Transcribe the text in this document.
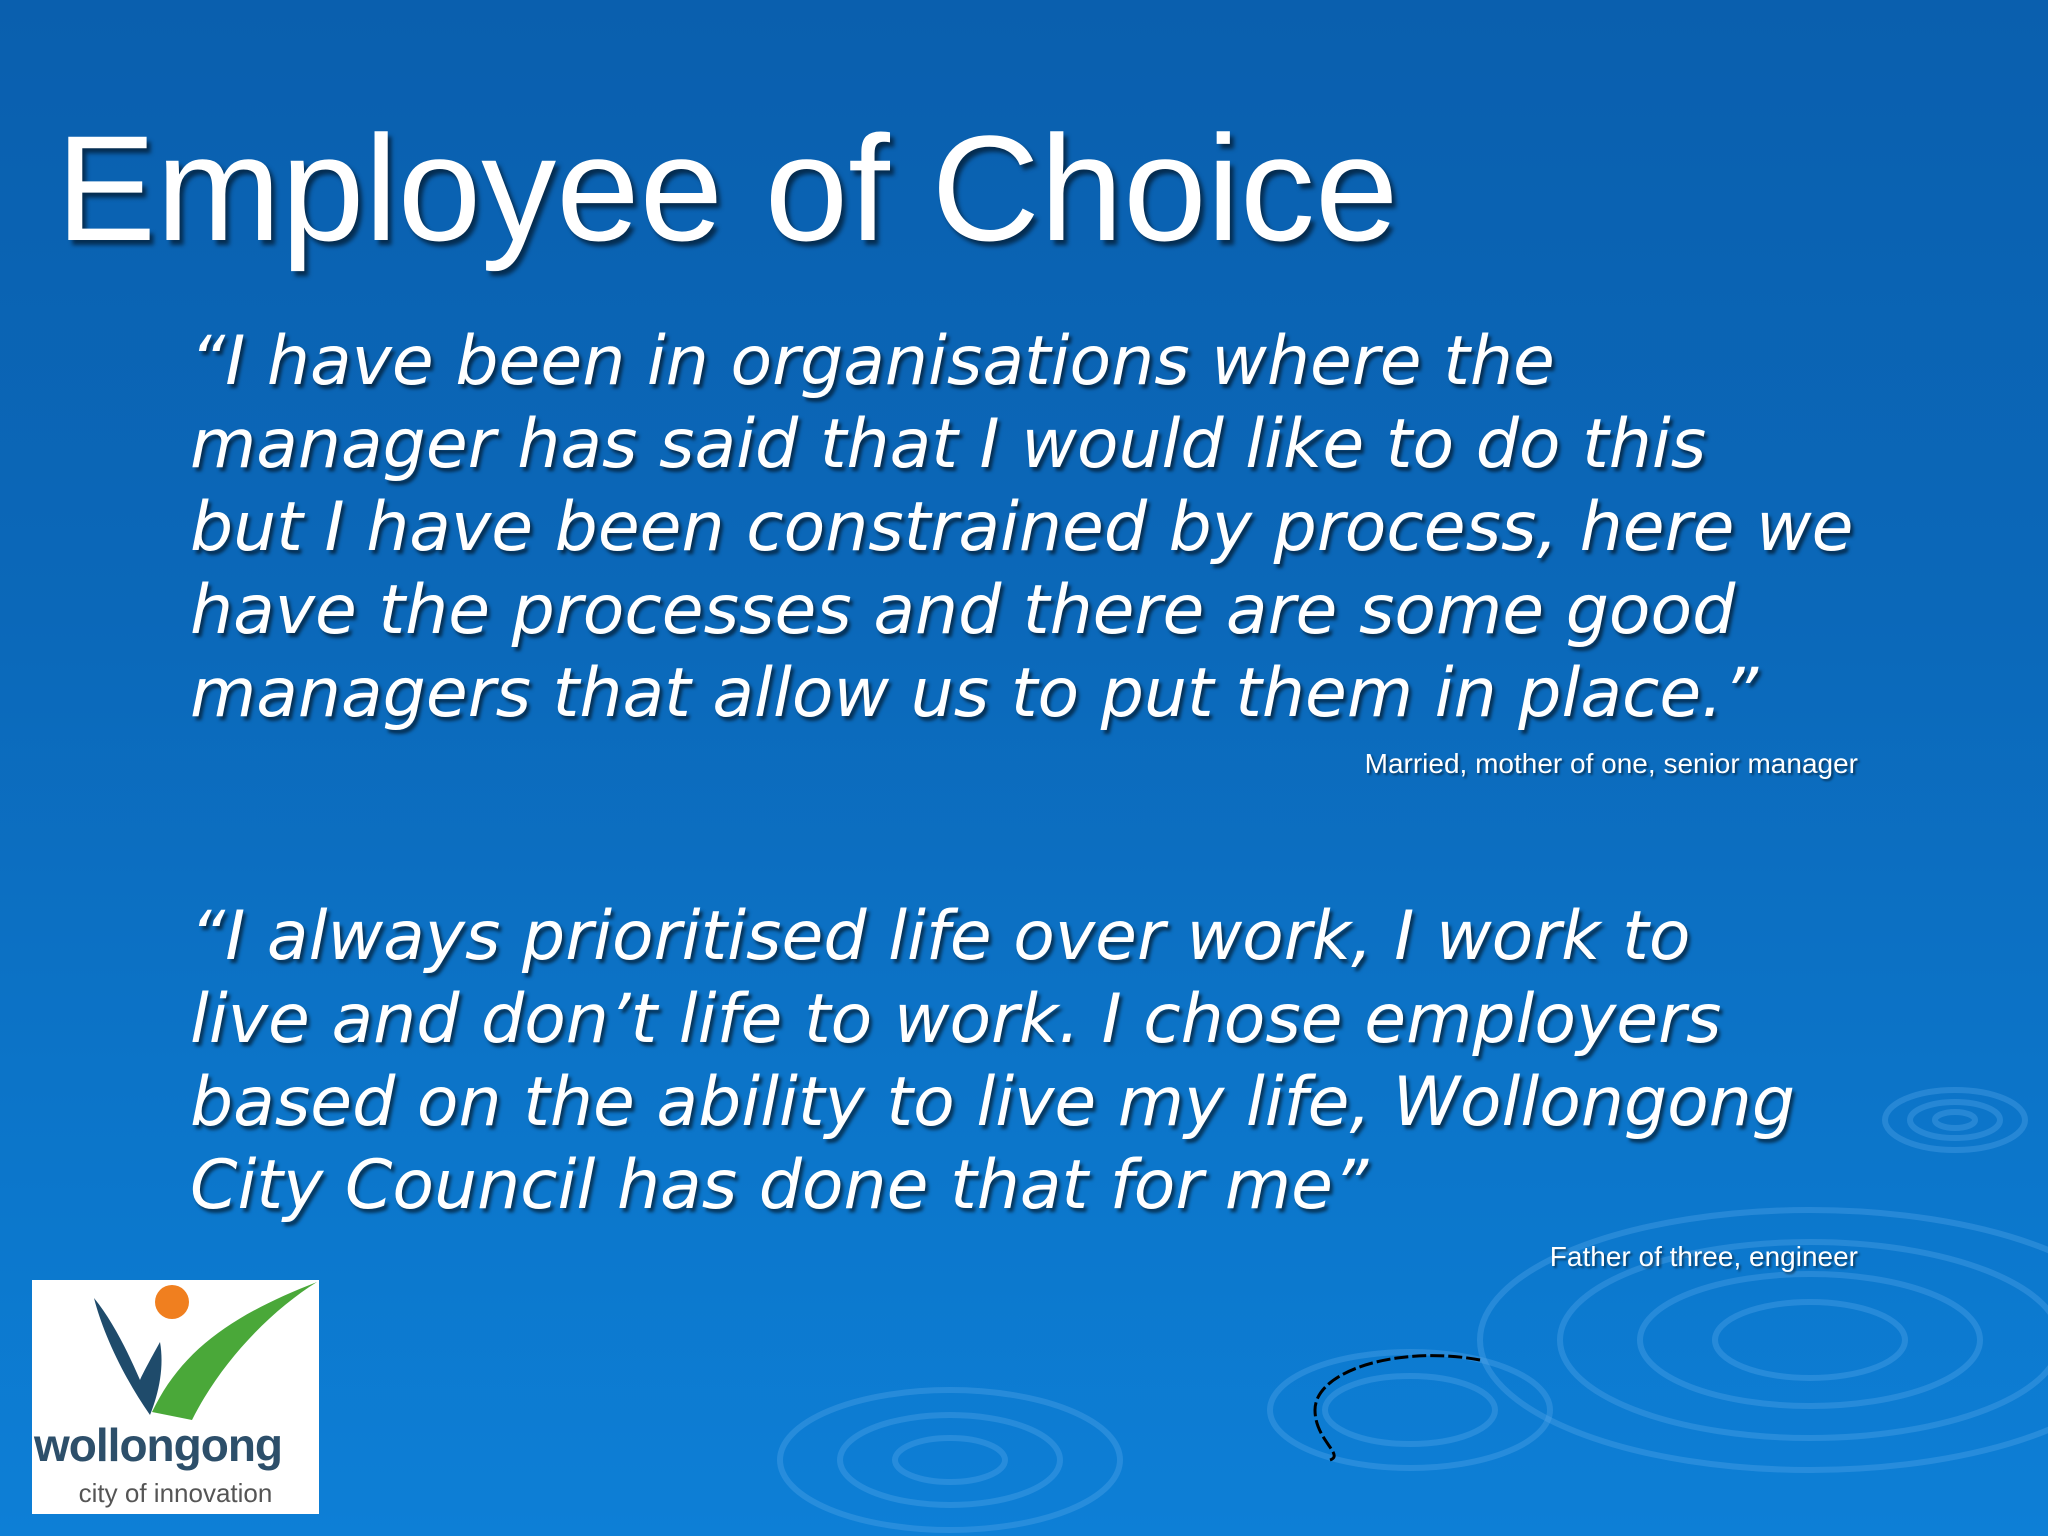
Employee of Choice
“I have been in organisations where the
manager has said that I would like to do this
but I have been constrained by process, here we
have the processes and there are some good
managers that allow us to put them in place.”
Married, mother of one, senior manager
“I always prioritised life over work, I work to
live and don’t life to work. I chose employers
based on the ability to live my life, Wollongong
City Council has done that for me”
Father of three, engineer
wollongong
city of innovation
